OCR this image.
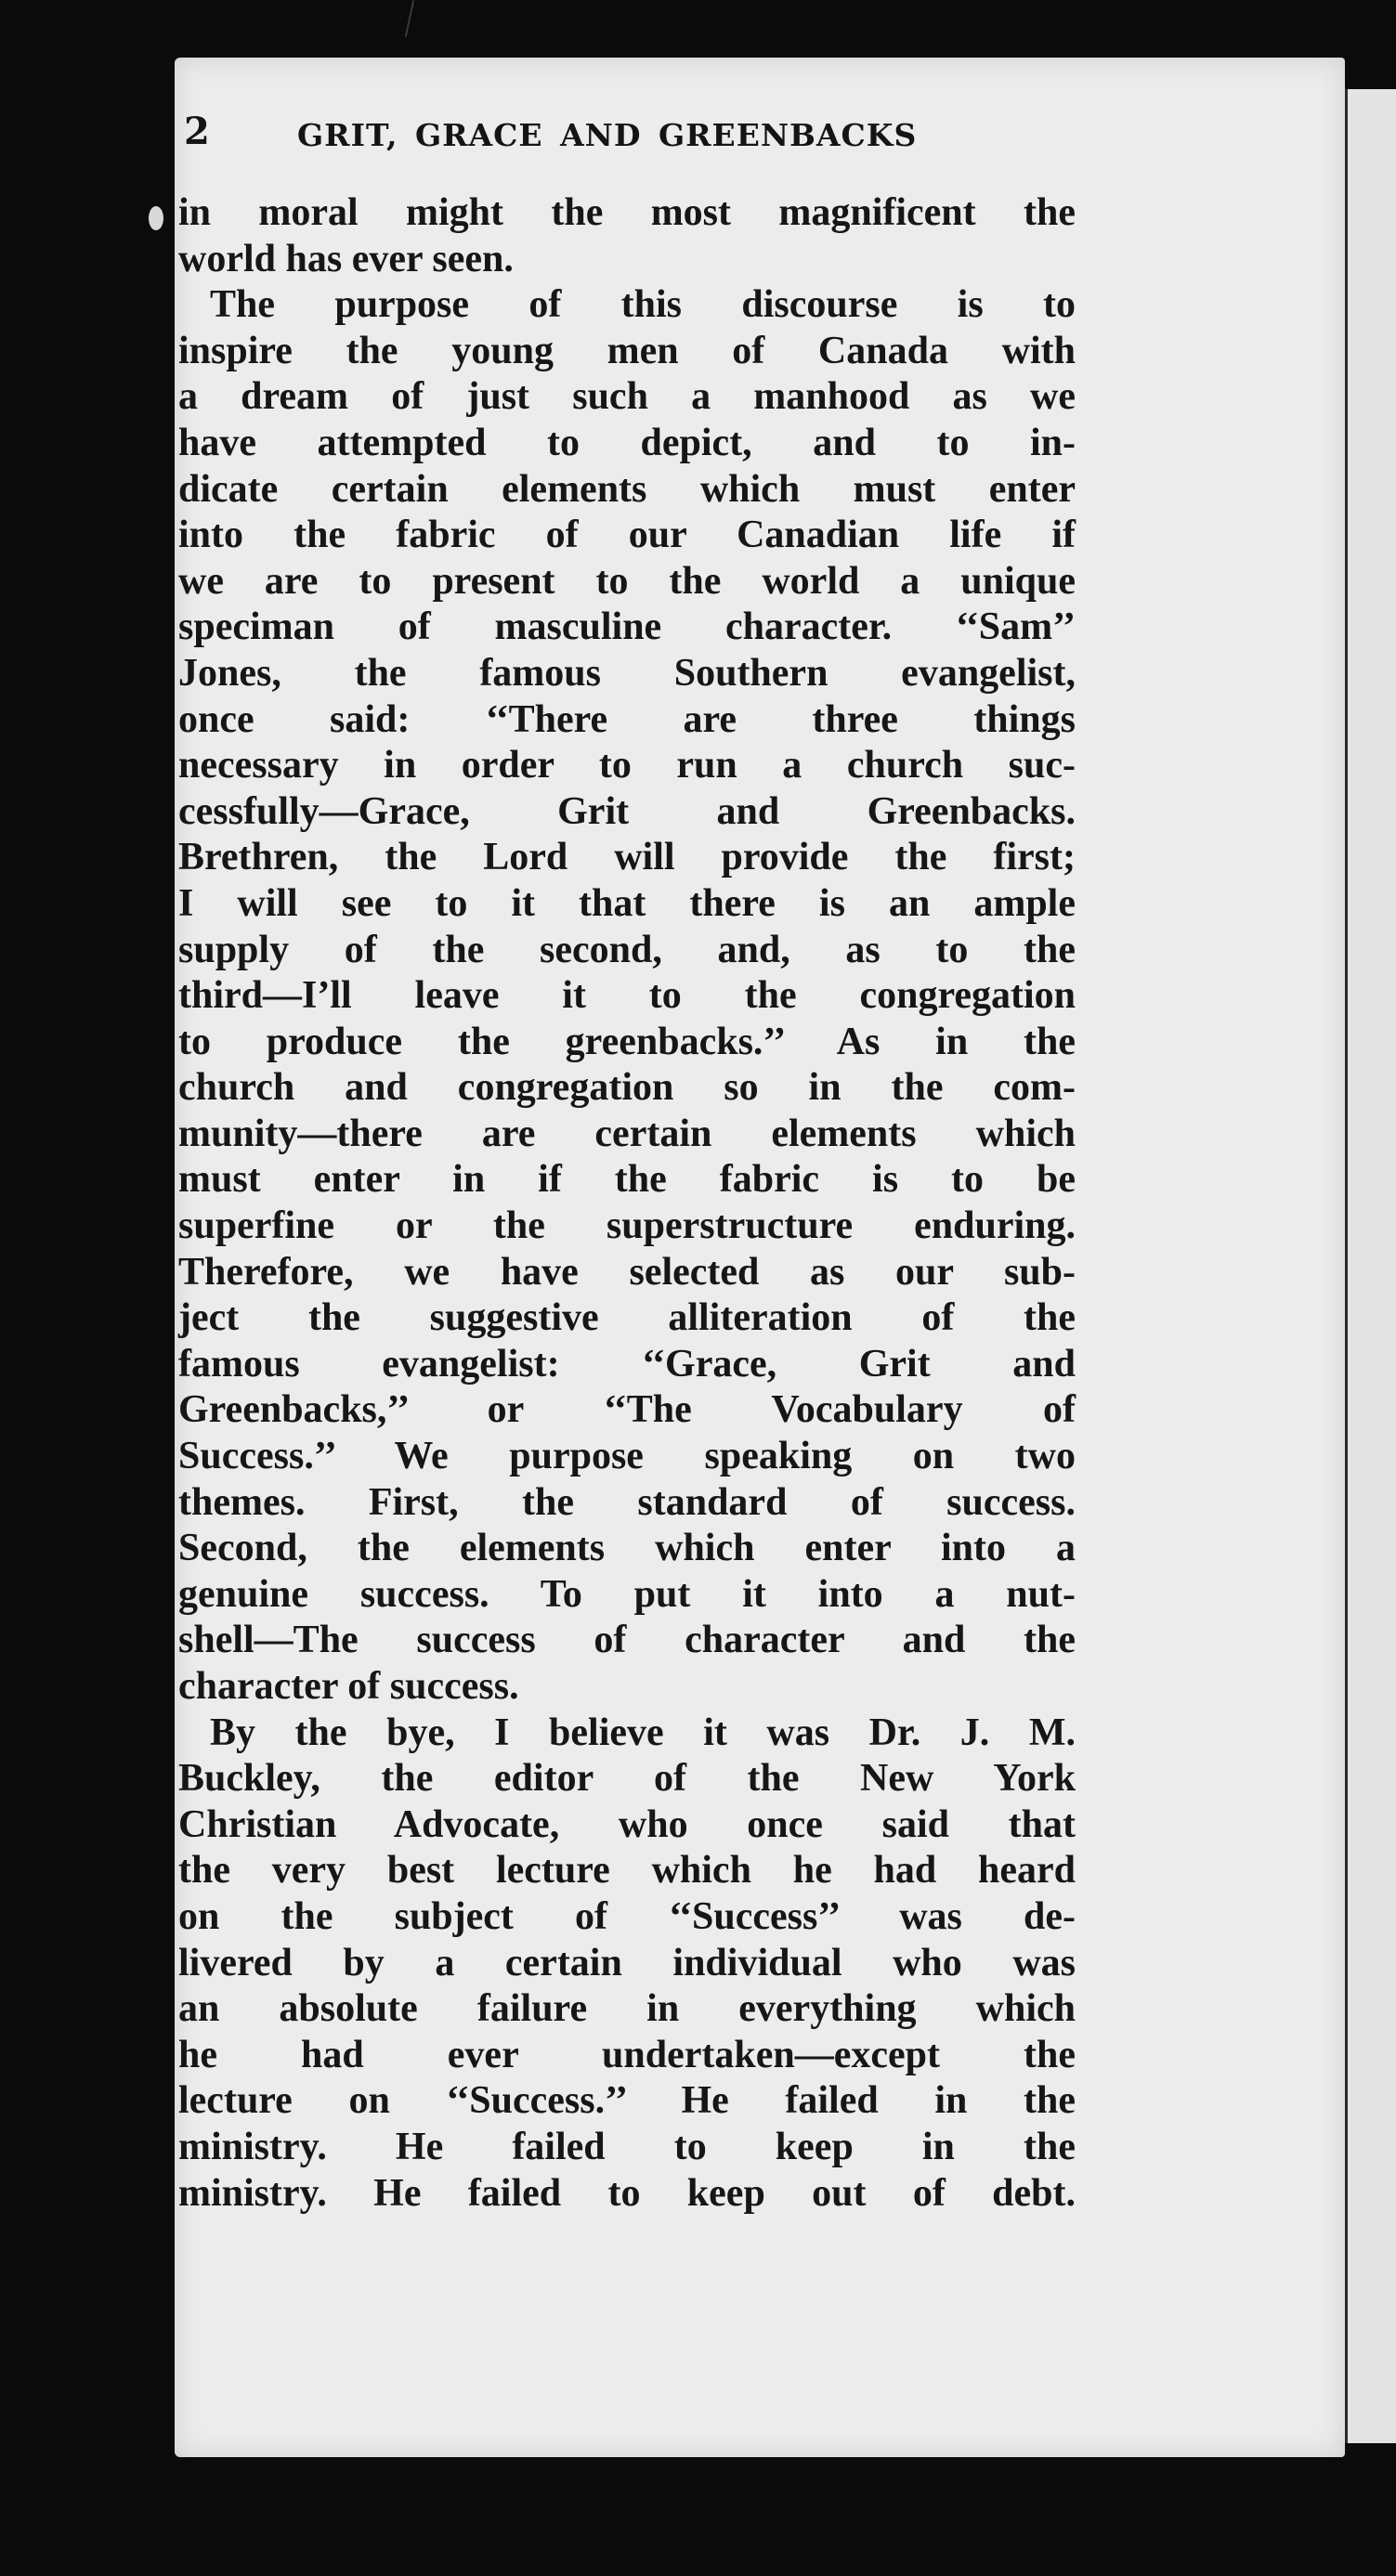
2	GRIT, GRACE AND GREENBACKS
in moral might the most magnificent the
world has ever seen.
The purpose of this discourse is to
inspire the young men of Canada with
a dream of just such a manhood as we
have attempted to depict, and to in-
dicate certain elements which must enter
into the fabric of our Canadian life if
we are to present to the world a unique
speciman of masculine character. ‘‘Sam’’
Jones, the famous Southern evangelist,
once said: ‘‘There are three things
necessary in order to run a church suc-
cessfully—Grace, Grit and Greenbacks.
Brethren, the Lord will provide the first;
I will see to it that there is an ample
supply of the second, and, as to the
third—I’ll leave it to the congregation
to produce the greenbacks.’’ As in the
church and congregation so in the com-
munity—there are certain elements which
must enter in if the fabric is to be
superfine or the superstructure enduring.
Therefore, we have selected as our sub-
ject the suggestive alliteration of the
famous evangelist: ‘‘Grace, Grit and
Greenbacks,’’ or ‘‘The Vocabulary of
Success.’’ We purpose speaking on two
themes. First, the standard of success.
Second, the elements which enter into a
genuine success. To put it into a nut-
shell—The success of character and the
character of success.
By the bye, I believe it was Dr. J. M.
Buckley, the editor of the New York
Christian Advocate, who once said that
the very best lecture which he had heard
on the subject of ‘‘Success’’ was de-
livered by a certain individual who was
an absolute failure in everything which
he had ever undertaken—except the
lecture on ‘‘Success.’’ He failed in the
ministry. He failed to keep in the
ministry. He failed to keep out of debt.
